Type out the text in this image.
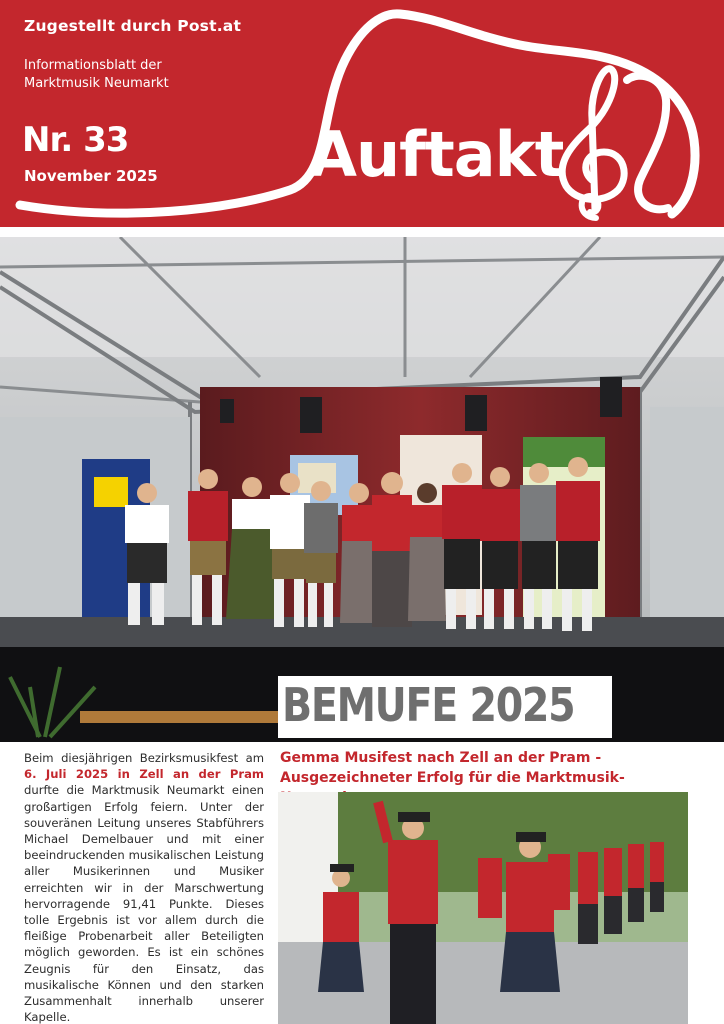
Zugestellt durch Post.at
Informationsblatt der
Marktmusik Neumarkt
Nr. 33
November 2025 Auftakt
BEMUFE 2025

Beim diesjährigen Bezirksmusikfest am 6. Juli 2025 in Zell an der Pram durfte die Marktmusik Neumarkt einen großartigen Erfolg feiern. Unter der souveränen Leitung unseres Stabführers Michael Demelbauer und mit einer beeindruckenden musikalischen Leistung aller Musikerinnen und Musiker erreichten wir in der Marschwertung hervorragende 91,41 Punkte. Dieses tolle Ergebnis ist vor allem durch die fleißige Probenarbeit aller Beteiligten möglich geworden. Es ist ein schönes Zeugnis für den Einsatz, das musikalische Können und den starken Zusammenhalt innerhalb unserer Kapelle.

Gemma Musifest nach Zell an der Pram - Ausgezeichneter Erfolg für die Marktmusik-
